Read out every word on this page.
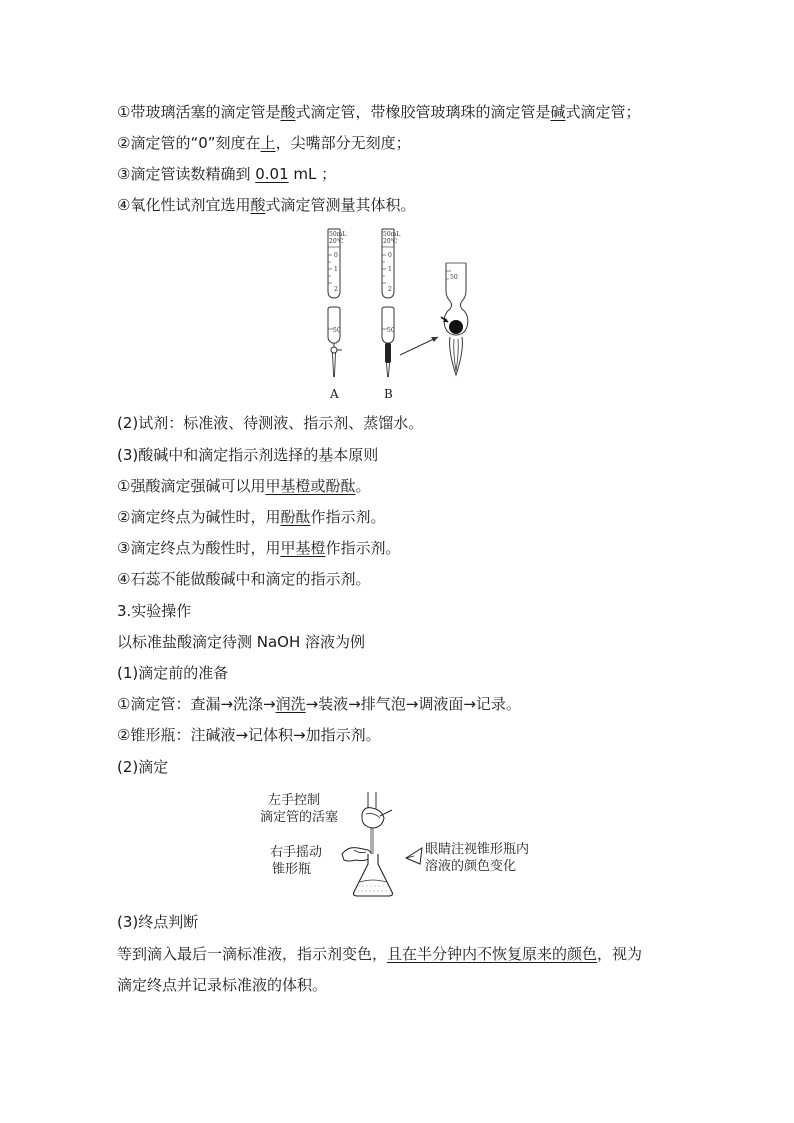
①带玻璃活塞的滴定管是酸式滴定管，带橡胶管玻璃珠的滴定管是碱式滴定管；
②滴定管的“0”刻度在上，尖嘴部分无刻度；
③滴定管读数精确到 0.01 mL ；
④氧化性试剂宜选用酸式滴定管测量其体积。
50mL
20℃
0
1
2
50
A
50mL
20℃
0
1
2
50
B
50
(2)试剂：标准液、待测液、指示剂、蒸馏水。
(3)酸碱中和滴定指示剂选择的基本原则
①强酸滴定强碱可以用甲基橙或酚酞。
②滴定终点为碱性时，用酚酞作指示剂。
③滴定终点为酸性时，用甲基橙作指示剂。
④石蕊不能做酸碱中和滴定的指示剂。
3.实验操作
以标准盐酸滴定待测 NaOH 溶液为例
(1)滴定前的准备
①滴定管：查漏→洗涤→润洗→装液→排气泡→调液面→记录。
②锥形瓶：注碱液→记体积→加指示剂。
(2)滴定
左手控制
滴定管的活塞
右手摇动
锥形瓶
眼睛注视锥形瓶内
溶液的颜色变化
(3)终点判断
等到滴入最后一滴标准液，指示剂变色，且在半分钟内不恢复原来的颜色，视为
滴定终点并记录标准液的体积。
